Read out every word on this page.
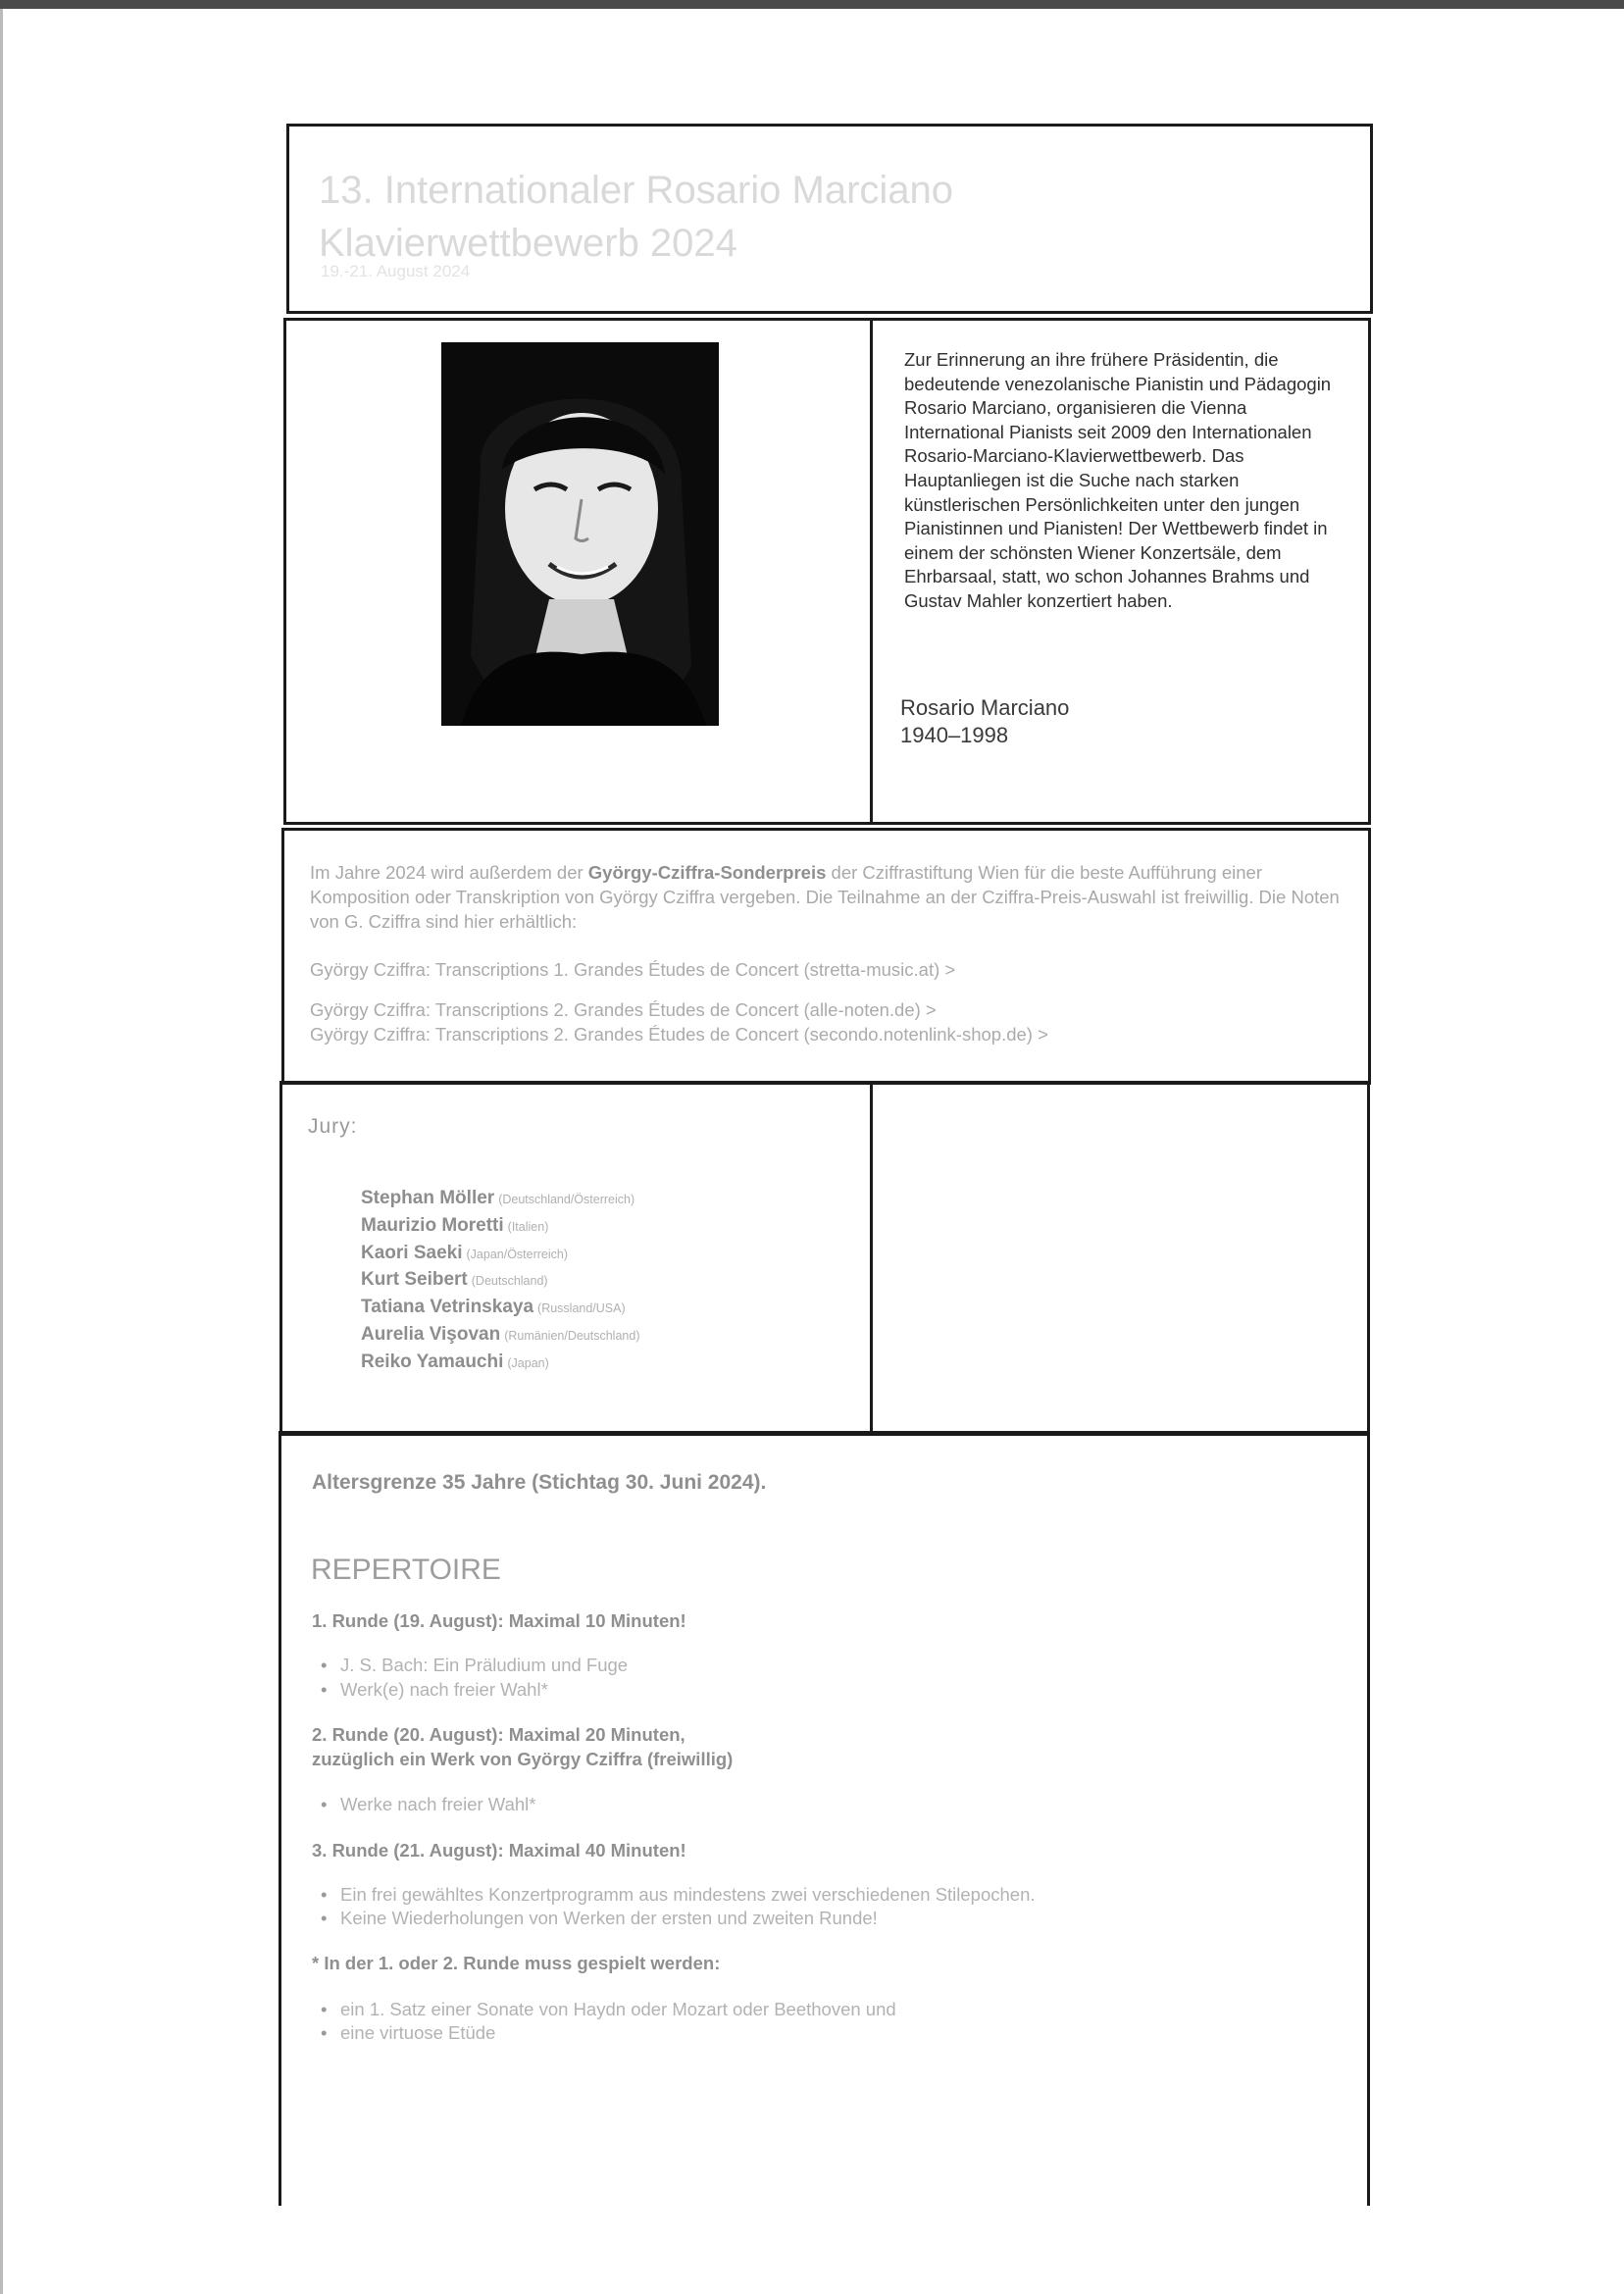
13. Internationaler Rosario Marciano
Klavierwettbewerb 2024
19.-21. August 2024
Zur Erinnerung an ihre frühere Präsidentin, die bedeutende venezolanische Pianistin und Pädagogin Rosario Marciano, organisieren die Vienna International Pianists seit 2009 den Internationalen Rosario-Marciano-Klavierwettbewerb. Das Hauptanliegen ist die Suche nach starken künstlerischen Persönlichkeiten unter den jungen Pianistinnen und Pianisten! Der Wettbewerb findet in einem der schönsten Wiener Konzertsäle, dem Ehrbarsaal, statt, wo schon Johannes Brahms und Gustav Mahler konzertiert haben.
Rosario Marciano
1940–1998
Im Jahre 2024 wird außerdem der György-Cziffra-Sonderpreis der Cziffrastiftung Wien für die beste Aufführung einer Komposition oder Transkription von György Cziffra vergeben. Die Teilnahme an der Cziffra-Preis-Auswahl ist freiwillig. Die Noten von G. Cziffra sind hier erhältlich:
György Cziffra: Transcriptions 1. Grandes Études de Concert (stretta-music.at) >
György Cziffra: Transcriptions 2. Grandes Études de Concert (alle-noten.de) >
György Cziffra: Transcriptions 2. Grandes Études de Concert (secondo.notenlink-shop.de) >
Jury:
Stephan Möller (Deutschland/Österreich)
Maurizio Moretti (Italien)
Kaori Saeki (Japan/Österreich)
Kurt Seibert (Deutschland)
Tatiana Vetrinskaya (Russland/USA)
Aurelia Vişovan (Rumänien/Deutschland)
Reiko Yamauchi (Japan)
Altersgrenze 35 Jahre (Stichtag 30. Juni 2024).
REPERTOIRE
1. Runde (19. August): Maximal 10 Minuten!
• J. S. Bach: Ein Präludium und Fuge
• Werk(e) nach freier Wahl*
2. Runde (20. August): Maximal 20 Minuten,
zuzüglich ein Werk von György Cziffra (freiwillig)
• Werke nach freier Wahl*
3. Runde (21. August): Maximal 40 Minuten!
• Ein frei gewähltes Konzertprogramm aus mindestens zwei verschiedenen Stilepochen.
• Keine Wiederholungen von Werken der ersten und zweiten Runde!
* In der 1. oder 2. Runde muss gespielt werden:
• ein 1. Satz einer Sonate von Haydn oder Mozart oder Beethoven und
• eine virtuose Etüde
